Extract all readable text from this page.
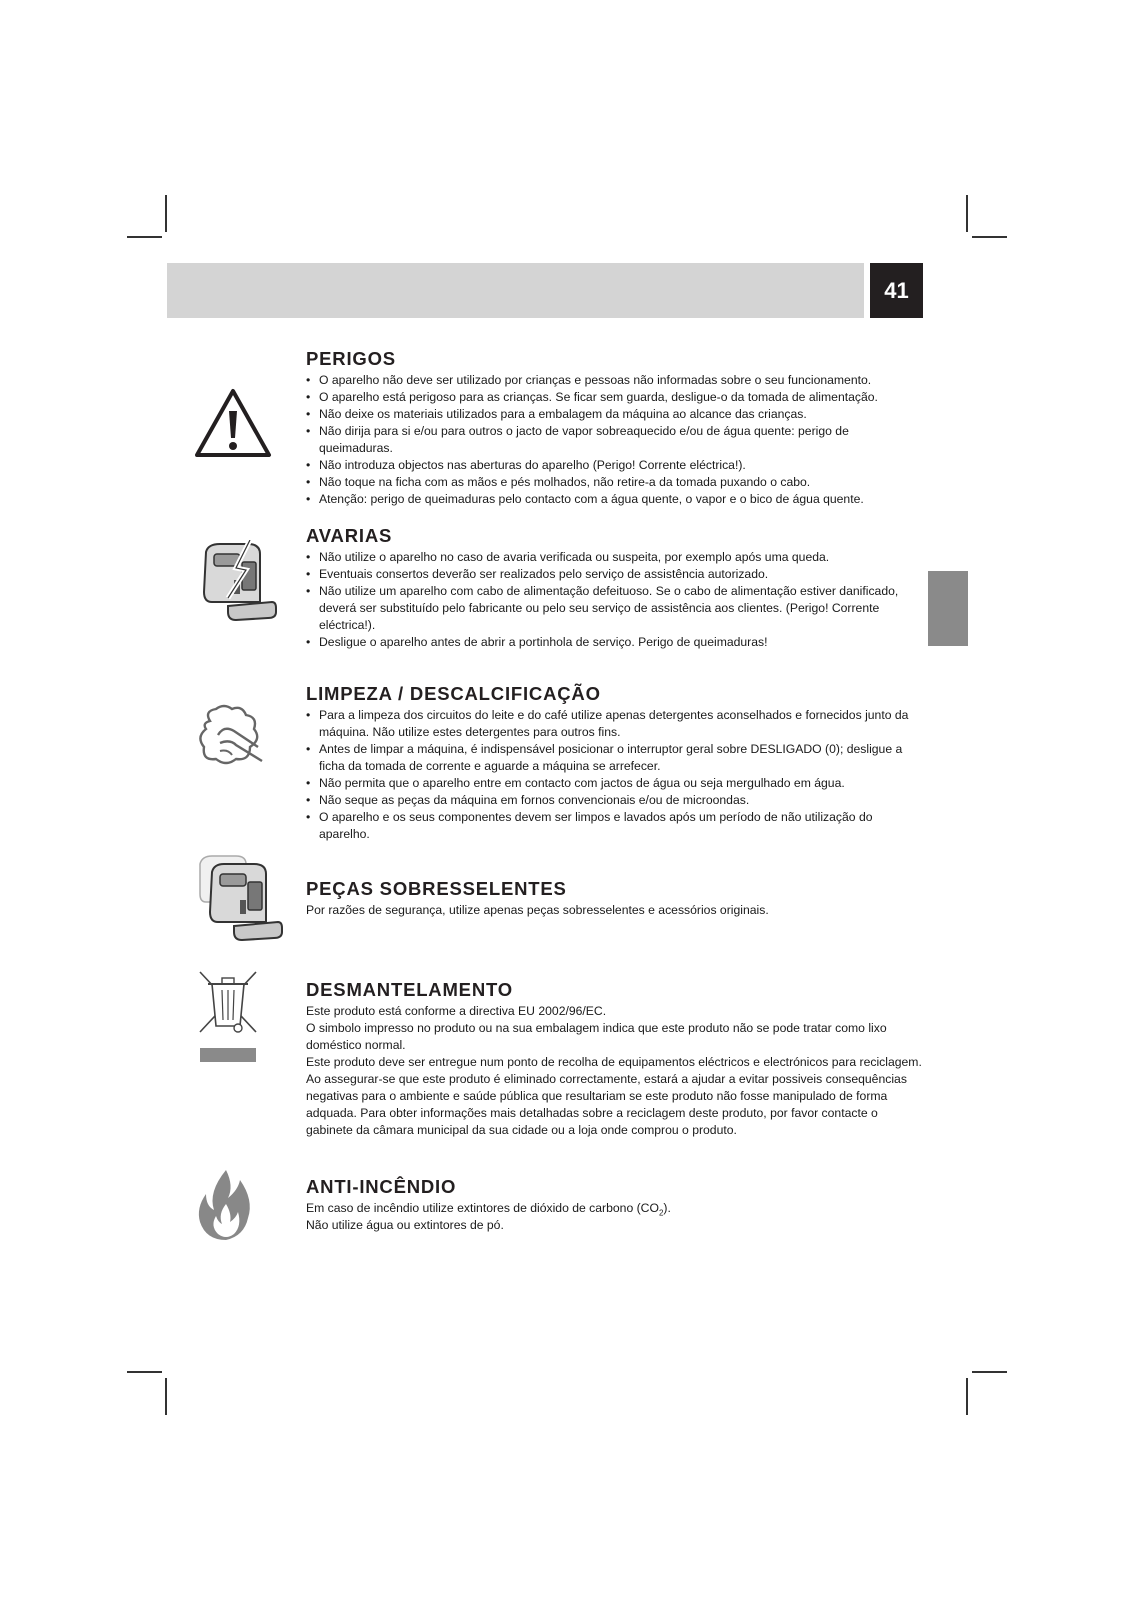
41
PERIGOS
• O aparelho não deve ser utilizado por crianças e pessoas não informadas sobre o seu funcionamento.
• O aparelho está perigoso para as crianças. Se ficar sem guarda, desligue-o da tomada de alimentação.
• Não deixe os materiais utilizados para a embalagem da máquina ao alcance das crianças.
• Não dirija para si e/ou para outros o jacto de vapor sobreaquecido e/ou de água quente: perigo de queimaduras.
• Não introduza objectos nas aberturas do aparelho (Perigo! Corrente eléctrica!).
• Não toque na ficha com as mãos e pés molhados, não retire-a da tomada puxando o cabo.
• Atenção: perigo de queimaduras pelo contacto com a água quente, o vapor e o bico de água quente.
AVARIAS
• Não utilize o aparelho no caso de avaria verificada ou suspeita, por exemplo após uma queda.
• Eventuais consertos deverão ser realizados pelo serviço de assistência autorizado.
• Não utilize um aparelho com cabo de alimentação defeituoso. Se o cabo de alimentação estiver danificado, deverá ser substituído pelo fabricante ou pelo seu serviço de assistência aos clientes. (Perigo! Corrente eléctrica!).
• Desligue o aparelho antes de abrir a portinhola de serviço. Perigo de queimaduras!
LIMPEZA / DESCALCIFICAÇÃO
• Para a limpeza dos circuitos do leite e do café utilize apenas detergentes aconselhados e fornecidos junto da máquina. Não utilize estes detergentes para outros fins.
• Antes de limpar a máquina, é indispensável posicionar o interruptor geral sobre DESLIGADO (0); desligue a ficha da tomada de corrente e aguarde a máquina se arrefecer.
• Não permita que o aparelho entre em contacto com jactos de água ou seja mergulhado em água.
• Não seque as peças da máquina em fornos convencionais e/ou de microondas.
• O aparelho e os seus componentes devem ser limpos e lavados após um período de não utilização do aparelho.
PEÇAS SOBRESSELENTES

Por razões de segurança, utilize apenas peças sobresselentes e acessórios originais.

DESMANTELAMENTO

Este produto está conforme a directiva EU 2002/96/EC.

O simbolo impresso no produto ou na sua embalagem indica que este produto não se pode tratar como lixo doméstico normal.

Este produto deve ser entregue num ponto de recolha de equipamentos eléctricos e electrónicos para reciclagem. Ao assegurar-se que este produto é eliminado correctamente, estará a ajudar a evitar possiveis consequências negativas para o ambiente e saúde pública que resultariam se este produto não fosse manipulado de forma adquada. Para obter informações mais detalhadas sobre a reciclagem deste produto, por favor contacte o gabinete da câmara municipal da sua cidade ou a loja onde comprou o produto.

ANTI-INCÊNDIO

Em caso de incêndio utilize extintores de dióxido de carbono $(CO_2)$.

Não utilize água ou extintores de pó.
